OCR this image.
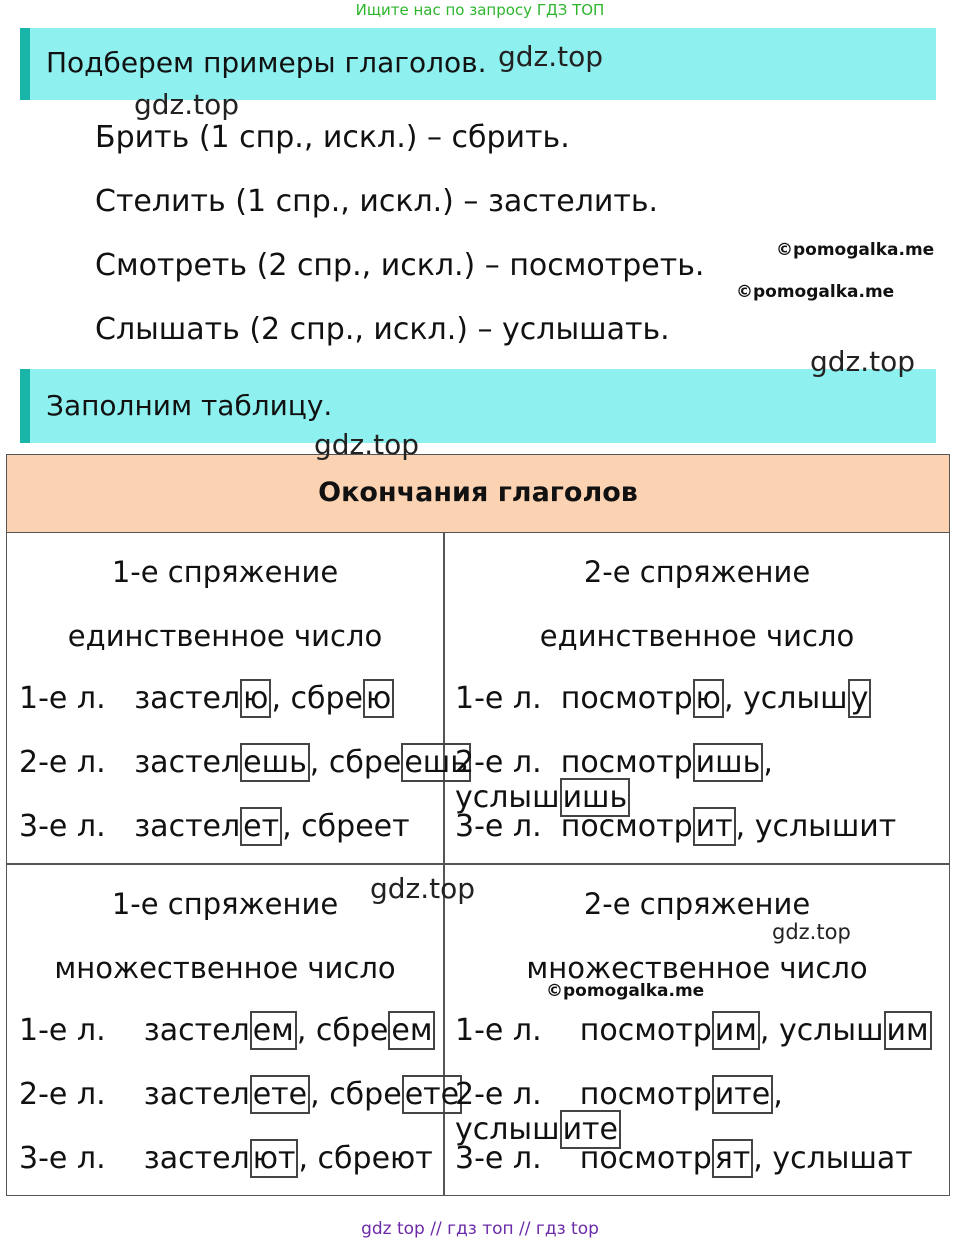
Ищите нас по запросу ГДЗ ТОП
Подберем примеры глаголов.
Брить (1 спр., искл.) – сбрить.
Стелить (1 спр., искл.) – застелить.
Смотреть (2 спр., искл.) – посмотреть.
Слышать (2 спр., искл.) – услышать.
Заполним таблицу.
gdz.top
gdz.top
©pomogalka.me
©pomogalka.me
gdz.top
Окончания глаголов
1-е спряжение
единственное число
1-е л. застел ю , сбре ю
2-е л. застел ешь , сбре ешь
3-е л. застел ет , сбреет
2-е спряжение
единственное число
1-е л. посмотр ю , услыш у
2-е л. посмотр ишь , услыш ишь
3-е л. посмотр ит , услышит
1-е спряжение
множественное число
1-е л. застел ем , сбре ем
2-е л. застел ете , сбре ете
3-е л. застел ют , сбреют
2-е спряжение
множественное число
1-е л. посмотр им , услыш им
2-е л. посмотр ите , услыш ите
3-е л. посмотр ят , услышат
gdz.top
gdz.top
gdz.top
©pomogalka.me
gdz top // гдз топ // гдз top
